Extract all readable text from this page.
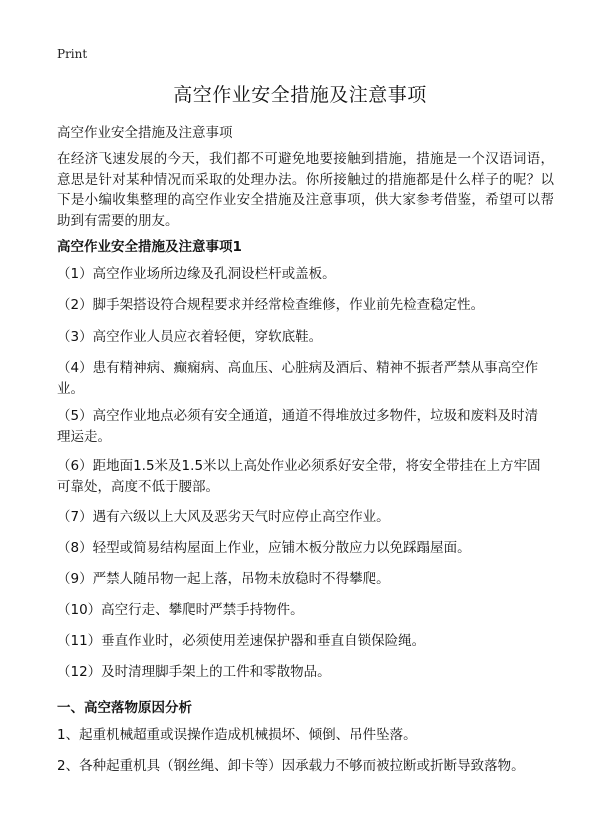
Print
高空作业安全措施及注意事项

高空作业安全措施及注意事项

在经济飞速发展的今天，我们都不可避免地要接触到措施，措施是一个汉语词语，意思是针对某种情况而采取的处理办法。你所接触过的措施都是什么样子的呢？以下是小编收集整理的高空作业安全措施及注意事项，供大家参考借鉴，希望可以帮助到有需要的朋友。

高空作业安全措施及注意事项1

（1）高空作业场所边缘及孔洞设栏杆或盖板。

（2）脚手架搭设符合规程要求并经常检查维修，作业前先检查稳定性。

（3）高空作业人员应衣着轻便，穿软底鞋。

（4）患有精神病、癫痫病、高血压、心脏病及酒后、精神不振者严禁从事高空作业。

（5）高空作业地点必须有安全通道，通道不得堆放过多物件，垃圾和废料及时清理运走。

（6）距地面1.5米及1.5米以上高处作业必须系好安全带，将安全带挂在上方牢固可靠处，高度不低于腰部。

（7）遇有六级以上大风及恶劣天气时应停止高空作业。

（8）轻型或简易结构屋面上作业，应铺木板分散应力以免踩蹋屋面。

（9）严禁人随吊物一起上落，吊物未放稳时不得攀爬。

（10）高空行走、攀爬时严禁手持物件。

（11）垂直作业时，必须使用差速保护器和垂直自锁保险绳。

（12）及时清理脚手架上的工件和零散物品。

一、高空落物原因分析

1、起重机械超重或误操作造成机械损坏、倾倒、吊件坠落。

2、各种起重机具（钢丝绳、卸卡等）因承载力不够而被拉断或折断导致落物。
